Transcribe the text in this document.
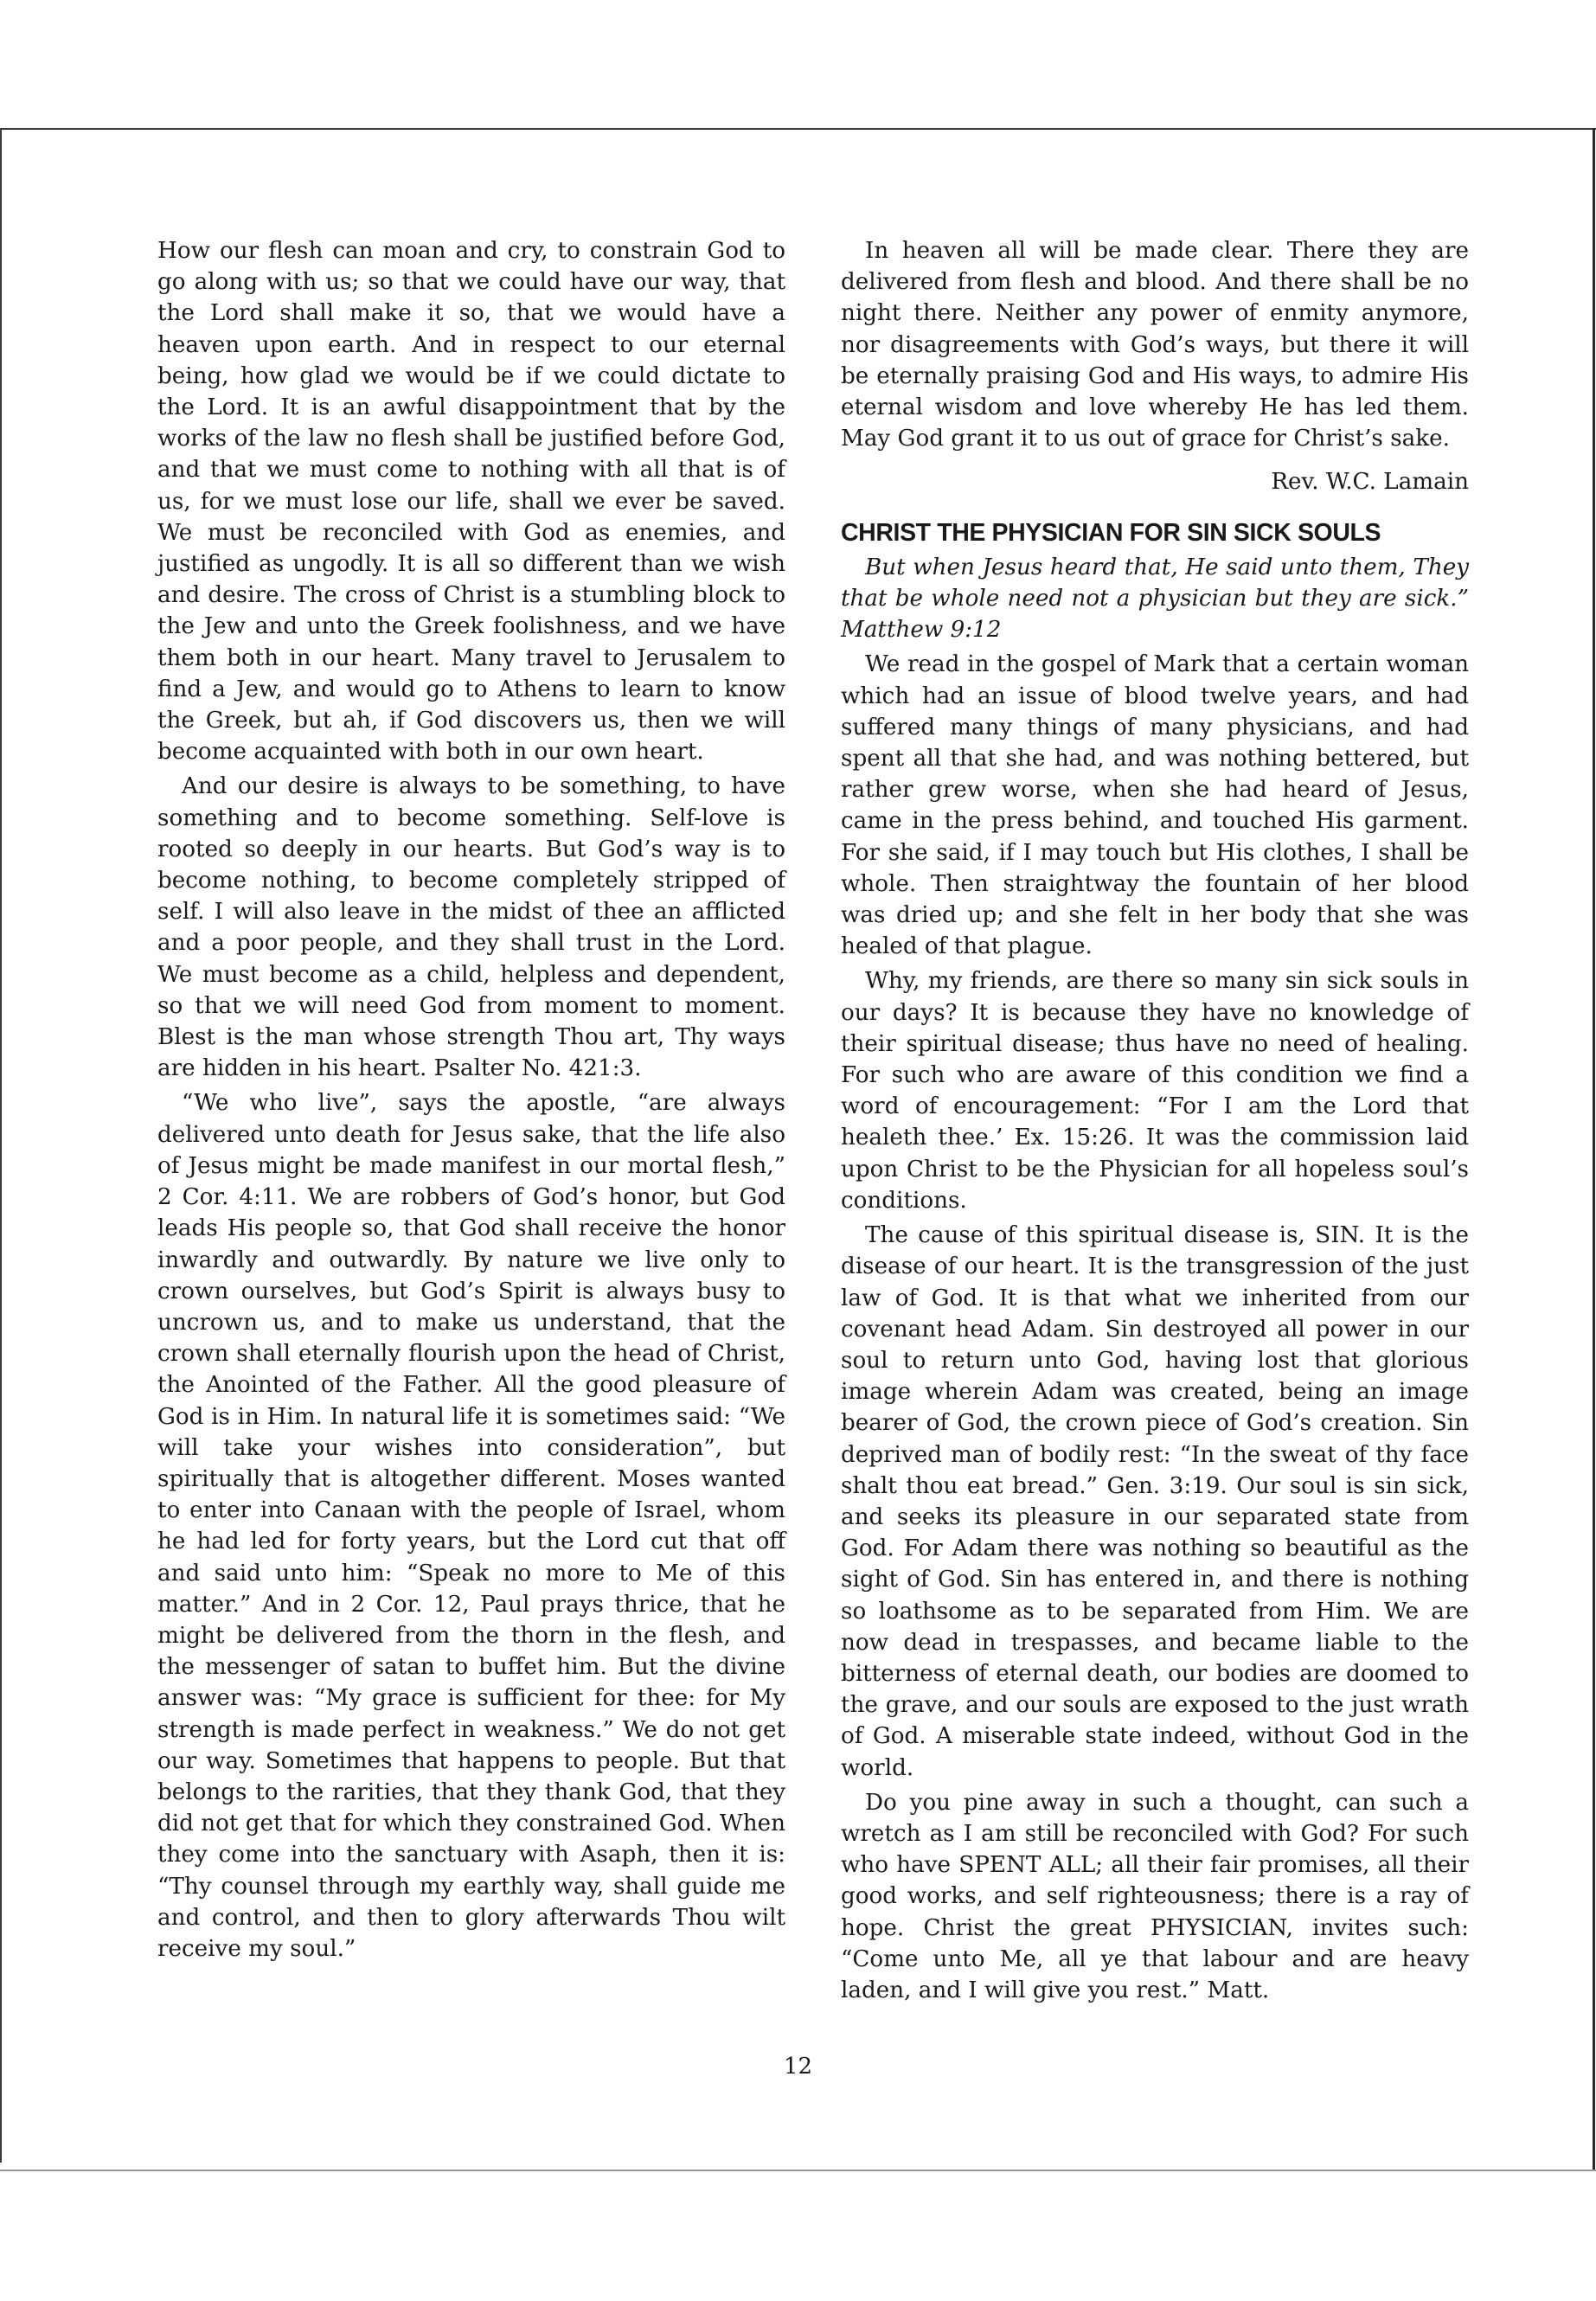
How our flesh can moan and cry, to constrain God to go along with us; so that we could have our way, that the Lord shall make it so, that we would have a heaven upon earth. And in respect to our eternal being, how glad we would be if we could dictate to the Lord. It is an awful disappointment that by the works of the law no flesh shall be justified before God, and that we must come to nothing with all that is of us, for we must lose our life, shall we ever be saved. We must be reconciled with God as enemies, and justified as ungodly. It is all so different than we wish and desire. The cross of Christ is a stumbling block to the Jew and unto the Greek foolishness, and we have them both in our heart. Many travel to Jerusalem to find a Jew, and would go to Athens to learn to know the Greek, but ah, if God discovers us, then we will become acquainted with both in our own heart.

And our desire is always to be something, to have something and to become something. Self-love is rooted so deeply in our hearts. But God’s way is to become nothing, to become completely stripped of self. I will also leave in the midst of thee an afflicted and a poor people, and they shall trust in the Lord. We must become as a child, helpless and dependent, so that we will need God from moment to moment. Blest is the man whose strength Thou art, Thy ways are hidden in his heart. Psalter No. 421:3.

“We who live”, says the apostle, “are always delivered unto death for Jesus sake, that the life also of Jesus might be made manifest in our mortal flesh,” 2 Cor. 4:11. We are robbers of God’s honor, but God leads His people so, that God shall receive the honor inwardly and outwardly. By nature we live only to crown ourselves, but God’s Spirit is always busy to uncrown us, and to make us understand, that the crown shall eternally flourish upon the head of Christ, the Anointed of the Father. All the good pleasure of God is in Him. In natural life it is sometimes said: “We will take your wishes into consideration”, but spiritually that is altogether different. Moses wanted to enter into Canaan with the people of Israel, whom he had led for forty years, but the Lord cut that off and said unto him: “Speak no more to Me of this matter.” And in 2 Cor. 12, Paul prays thrice, that he might be delivered from the thorn in the flesh, and the messenger of satan to buffet him. But the divine answer was: “My grace is sufficient for thee: for My strength is made perfect in weakness.” We do not get our way. Sometimes that happens to people. But that belongs to the rarities, that they thank God, that they did not get that for which they constrained God. When they come into the sanctuary with Asaph, then it is: “Thy counsel through my earthly way, shall guide me and control, and then to glory afterwards Thou wilt receive my soul.”

In heaven all will be made clear. There they are delivered from flesh and blood. And there shall be no night there. Neither any power of enmity anymore, nor disagreements with God’s ways, but there it will be eternally praising God and His ways, to admire His eternal wisdom and love whereby He has led them. May God grant it to us out of grace for Christ’s sake.

Rev. W.C. Lamain
CHRIST THE PHYSICIAN FOR SIN SICK SOULS

But when Jesus heard that, He said unto them, They that be whole need not a physician but they are sick.” Matthew 9:12

We read in the gospel of Mark that a certain woman which had an issue of blood twelve years, and had suffered many things of many physicians, and had spent all that she had, and was nothing bettered, but rather grew worse, when she had heard of Jesus, came in the press behind, and touched His garment. For she said, if I may touch but His clothes, I shall be whole. Then straightway the fountain of her blood was dried up; and she felt in her body that she was healed of that plague.

Why, my friends, are there so many sin sick souls in our days? It is because they have no knowledge of their spiritual disease; thus have no need of healing. For such who are aware of this condition we find a word of encouragement: “For I am the Lord that healeth thee.’ Ex. 15:26. It was the commission laid upon Christ to be the Physician for all hopeless soul’s conditions.

The cause of this spiritual disease is, SIN. It is the disease of our heart. It is the transgression of the just law of God. It is that what we inherited from our covenant head Adam. Sin destroyed all power in our soul to return unto God, having lost that glorious image wherein Adam was created, being an image bearer of God, the crown piece of God’s creation. Sin deprived man of bodily rest: “In the sweat of thy face shalt thou eat bread.” Gen. 3:19. Our soul is sin sick, and seeks its pleasure in our separated state from God. For Adam there was nothing so beautiful as the sight of God. Sin has entered in, and there is nothing so loathsome as to be separated from Him. We are now dead in trespasses, and became liable to the bitterness of eternal death, our bodies are doomed to the grave, and our souls are exposed to the just wrath of God. A miserable state indeed, without God in the world.

Do you pine away in such a thought, can such a wretch as I am still be reconciled with God? For such who have SPENT ALL; all their fair promises, all their good works, and self righteousness; there is a ray of hope. Christ the great PHYSICIAN, invites such: “Come unto Me, all ye that labour and are heavy laden, and I will give you rest.” Matt.

12
